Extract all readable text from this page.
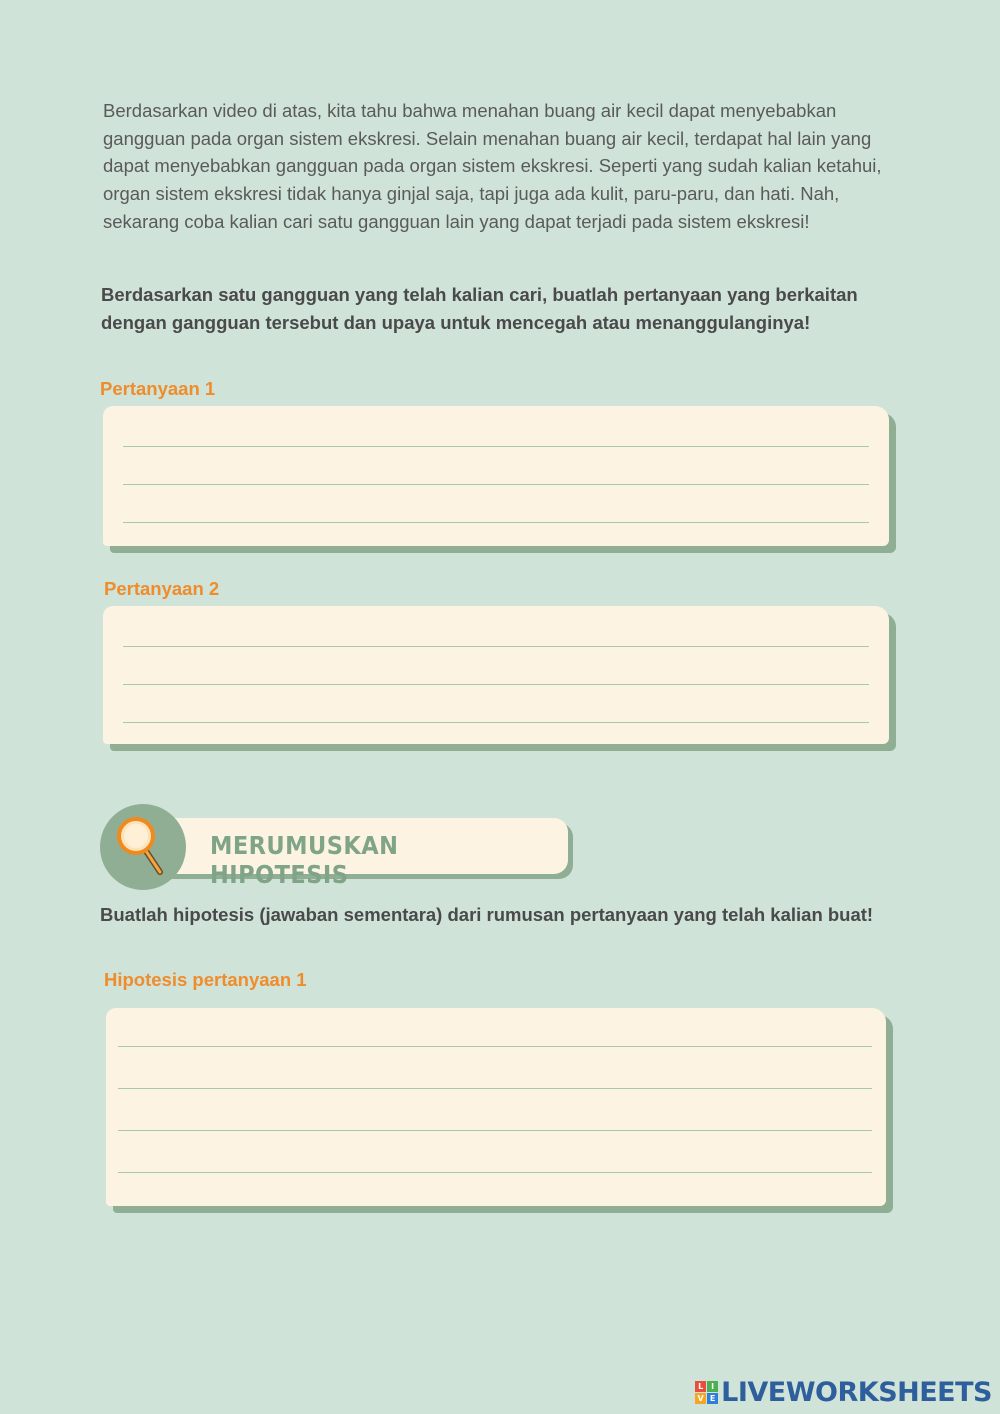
Berdasarkan video di atas, kita tahu bahwa menahan buang air kecil dapat menyebabkan gangguan pada organ sistem ekskresi. Selain menahan buang air kecil, terdapat hal lain yang dapat menyebabkan gangguan pada organ sistem ekskresi. Seperti yang sudah kalian ketahui, organ sistem ekskresi tidak hanya ginjal saja, tapi juga ada kulit, paru-paru, dan hati. Nah, sekarang coba kalian cari satu gangguan lain yang dapat terjadi pada sistem ekskresi!

Berdasarkan satu gangguan yang telah kalian cari, buatlah pertanyaan yang berkaitan dengan gangguan tersebut dan upaya untuk mencegah atau menanggulanginya!

Pertanyaan 1

Pertanyaan 2

MERUMUSKAN HIPOTESIS

Buatlah hipotesis (jawaban sementara) dari rumusan pertanyaan yang telah kalian buat!

Hipotesis pertanyaan 1

L I
V E LIVEWORKSHEETS
